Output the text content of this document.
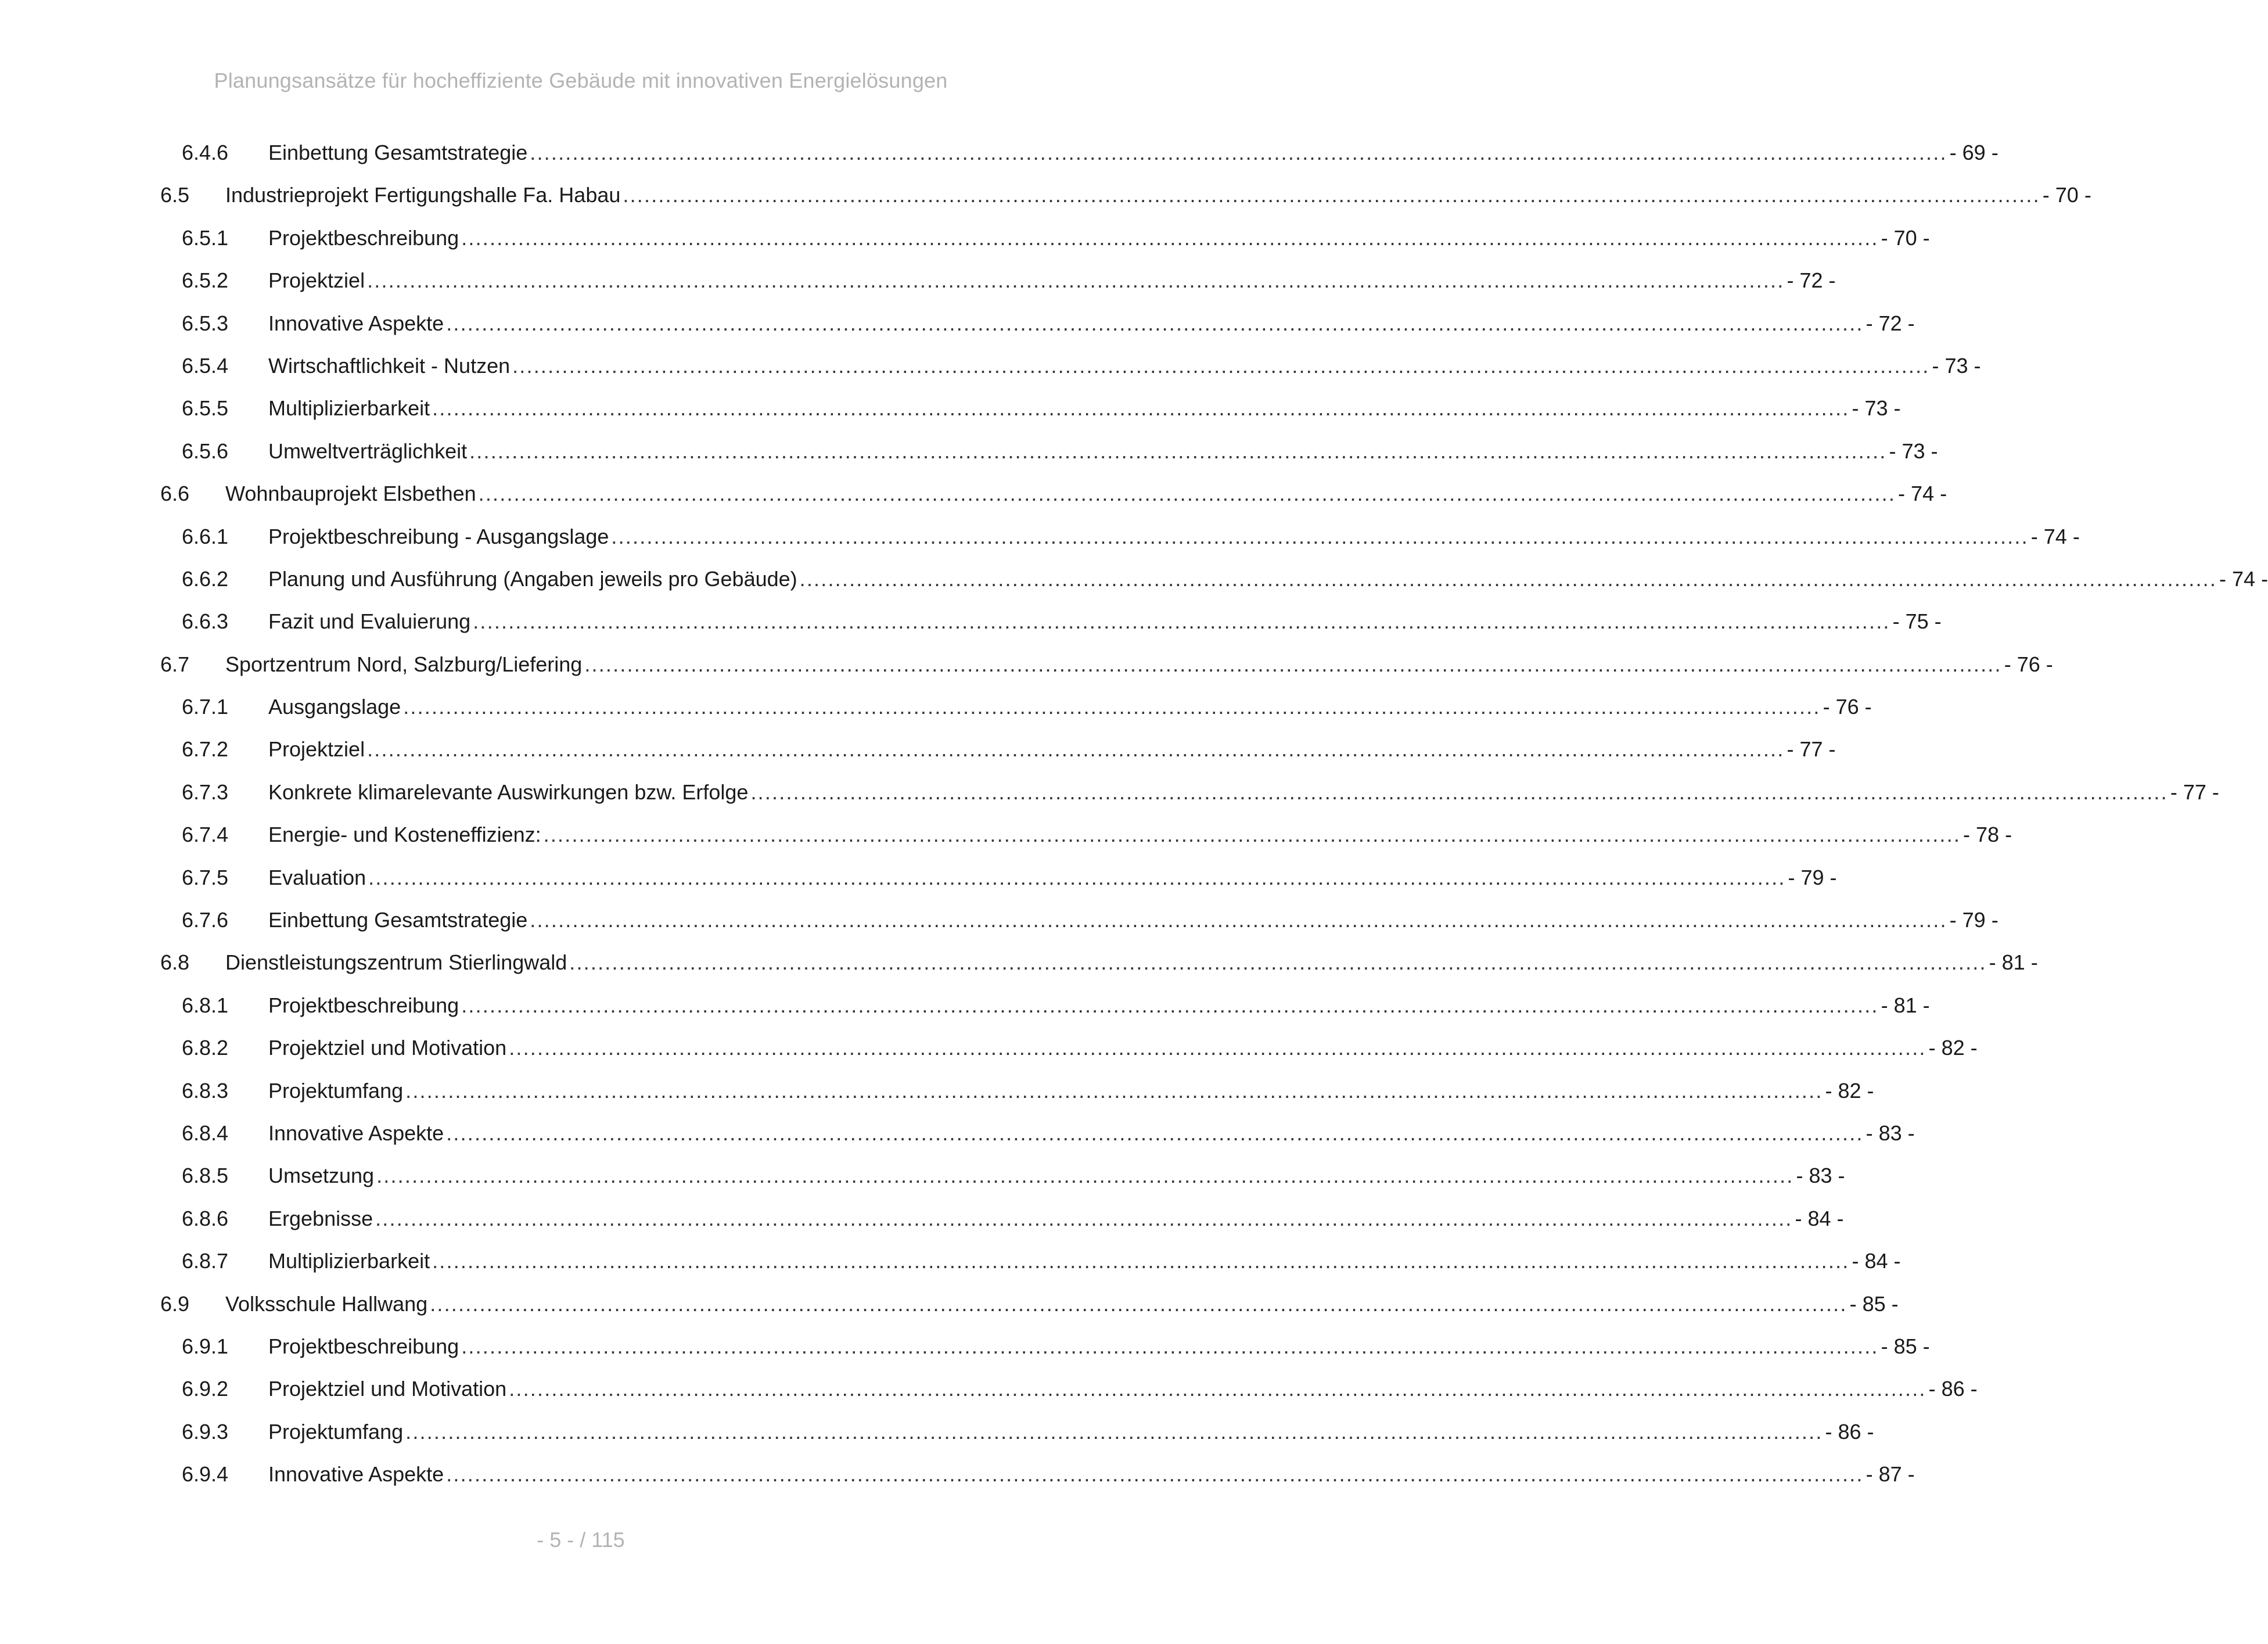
Planungsansätze für hocheffiziente Gebäude mit innovativen Energielösungen
6.4.6 Einbettung Gesamtstrategie ........................................................................................................................................................................................................ - 69 -
6.5 Industrieprojekt Fertigungshalle Fa. Habau ........................................................................................................................................................................................................ - 70 -
6.5.1 Projektbeschreibung ........................................................................................................................................................................................................ - 70 -
6.5.2 Projektziel ........................................................................................................................................................................................................ - 72 -
6.5.3 Innovative Aspekte ........................................................................................................................................................................................................ - 72 -
6.5.4 Wirtschaftlichkeit - Nutzen ........................................................................................................................................................................................................ - 73 -
6.5.5 Multiplizierbarkeit ........................................................................................................................................................................................................ - 73 -
6.5.6 Umweltverträglichkeit ........................................................................................................................................................................................................ - 73 -
6.6 Wohnbauprojekt Elsbethen ........................................................................................................................................................................................................ - 74 -
6.6.1 Projektbeschreibung - Ausgangslage ........................................................................................................................................................................................................ - 74 -
6.6.2 Planung und Ausführung (Angaben jeweils pro Gebäude) ........................................................................................................................................................................................................ - 74 -
6.6.3 Fazit und Evaluierung ........................................................................................................................................................................................................ - 75 -
6.7 Sportzentrum Nord, Salzburg/Liefering ........................................................................................................................................................................................................ - 76 -
6.7.1 Ausgangslage ........................................................................................................................................................................................................ - 76 -
6.7.2 Projektziel ........................................................................................................................................................................................................ - 77 -
6.7.3 Konkrete klimarelevante Auswirkungen bzw. Erfolge ........................................................................................................................................................................................................ - 77 -
6.7.4 Energie- und Kosteneffizienz: ........................................................................................................................................................................................................ - 78 -
6.7.5 Evaluation ........................................................................................................................................................................................................ - 79 -
6.7.6 Einbettung Gesamtstrategie ........................................................................................................................................................................................................ - 79 -
6.8 Dienstleistungszentrum Stierlingwald ........................................................................................................................................................................................................ - 81 -
6.8.1 Projektbeschreibung ........................................................................................................................................................................................................ - 81 -
6.8.2 Projektziel und Motivation ........................................................................................................................................................................................................ - 82 -
6.8.3 Projektumfang ........................................................................................................................................................................................................ - 82 -
6.8.4 Innovative Aspekte ........................................................................................................................................................................................................ - 83 -
6.8.5 Umsetzung ........................................................................................................................................................................................................ - 83 -
6.8.6 Ergebnisse ........................................................................................................................................................................................................ - 84 -
6.8.7 Multiplizierbarkeit ........................................................................................................................................................................................................ - 84 -
6.9 Volksschule Hallwang ........................................................................................................................................................................................................ - 85 -
6.9.1 Projektbeschreibung ........................................................................................................................................................................................................ - 85 -
6.9.2 Projektziel und Motivation ........................................................................................................................................................................................................ - 86 -
6.9.3 Projektumfang ........................................................................................................................................................................................................ - 86 -
6.9.4 Innovative Aspekte ........................................................................................................................................................................................................ - 87 -
- 5 - / 115
